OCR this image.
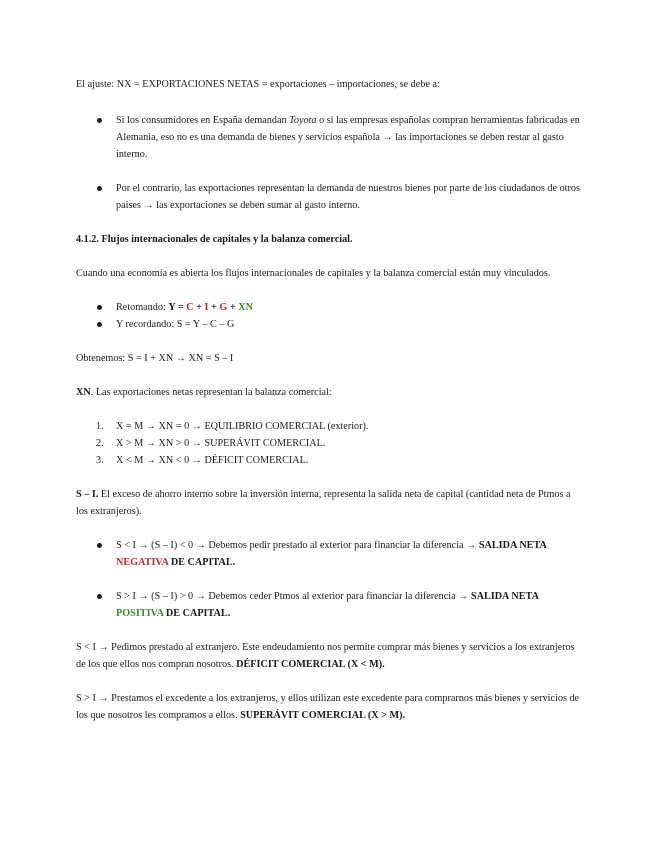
El ajuste: NX = EXPORTACIONES NETAS = exportaciones – importaciones, se debe a:

Si los consumidores en España demandan Toyota o si las empresas españolas compran herramientas fabricadas en Alemania, eso no es una demanda de bienes y servicios española → las importaciones se deben restar al gasto interno.
Por el contrario, las exportaciones representan la demanda de nuestros bienes por parte de los ciudadanos de otros países → las exportaciones se deben sumar al gasto interno.

4.1.2. Flujos internacionales de capitales y la balanza comercial.

Cuando una economía es abierta los flujos internacionales de capitales y la balanza comercial están muy vinculados.

Retomando: Y = C + I + G + XN
Y recordando: S = Y – C – G

Obtenemos: S = I + XN → XN = S – I

XN. Las exportaciones netas representan la balanza comercial:

1. X = M → XN = 0 → EQUILIBRIO COMERCIAL (exterior).
2. X > M → XN > 0 → SUPERÁVIT COMERCIAL.
3. X < M → XN < 0 → DÉFICIT COMERCIAL.

S – I. El exceso de ahorro interno sobre la inversión interna, representa la salida neta de capital (cantidad neta de Ptmos a los extranjeros).

S < I → (S – I) < 0 → Debemos pedir prestado al exterior para financiar la diferencia → SALIDA NETA NEGATIVA DE CAPITAL.
S > I → (S – I) > 0 → Debemos ceder Ptmos al exterior para financiar la diferencia → SALIDA NETA POSITIVA DE CAPITAL.

S < I → Pedimos prestado al extranjero. Este endeudamiento nos permite comprar más bienes y servicios a los extranjeros de los que ellos nos compran nosotros. DÉFICIT COMERCIAL (X < M).

S > I → Prestamos el excedente a los extranjeros, y ellos utilizan este excedente para comprarnos más bienes y servicios de los que nosotros les compramos a ellos. SUPERÁVIT COMERCIAL (X > M).
